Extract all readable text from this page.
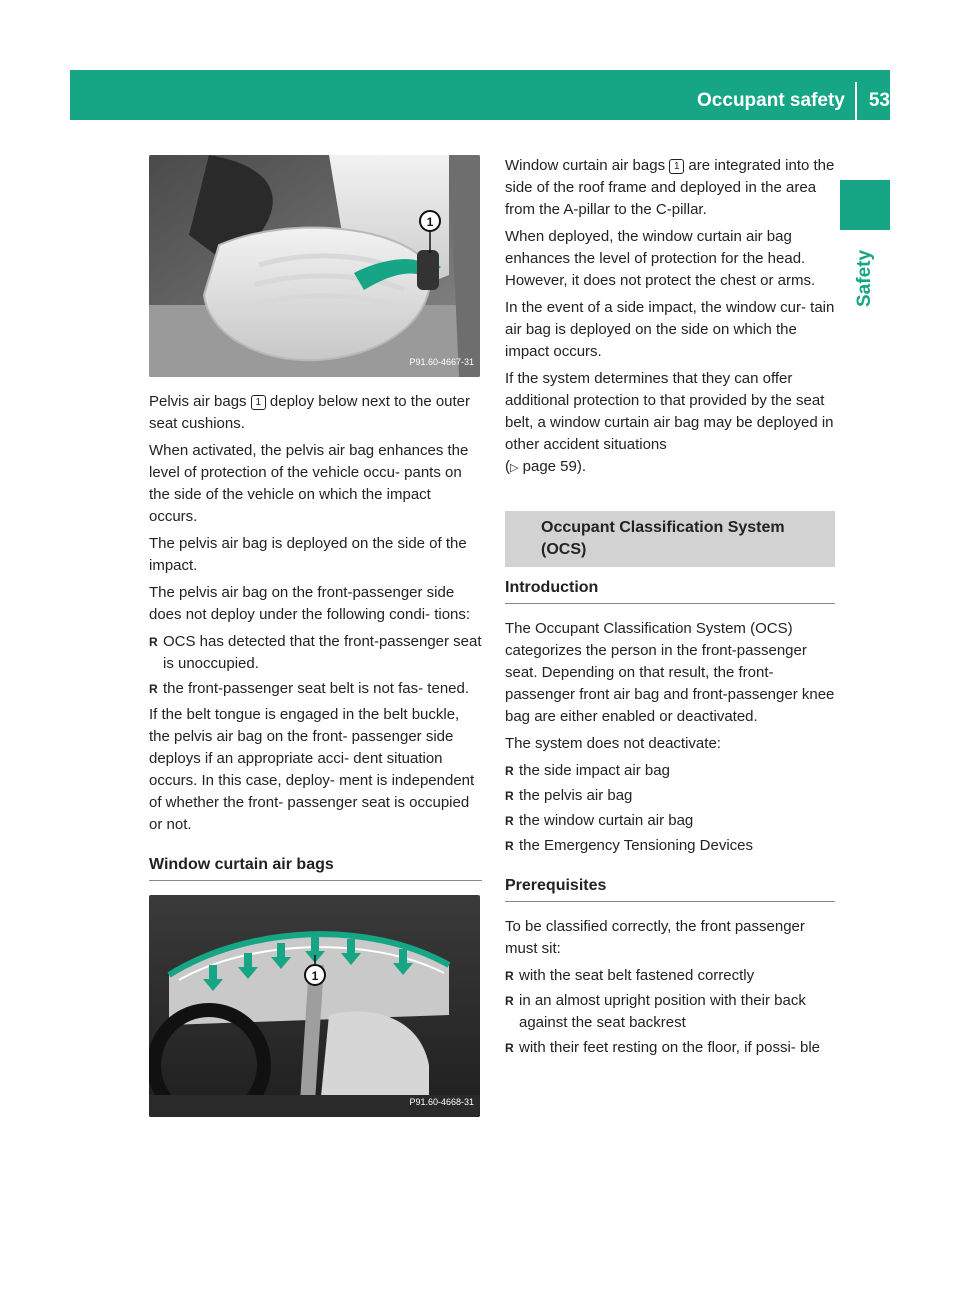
Occupant safety 53
Safety
1
P91.60-4667-31

Pelvis air bags 1 deploy below next to the outer seat cushions.

When activated, the pelvis air bag enhances the level of protection of the vehicle occu- pants on the side of the vehicle on which the impact occurs.

The pelvis air bag is deployed on the side of the impact.

The pelvis air bag on the front-passenger side does not deploy under the following condi- tions:

R OCS has detected that the front-passenger seat is unoccupied.
R the front-passenger seat belt is not fas- tened.

If the belt tongue is engaged in the belt buckle, the pelvis air bag on the front- passenger side deploys if an appropriate acci- dent situation occurs. In this case, deploy- ment is independent of whether the front- passenger seat is occupied or not.

Window curtain air bags
1
P91.60-4668-31

Window curtain air bags 1 are integrated into the side of the roof frame and deployed in the area from the A-pillar to the C-pillar.

When deployed, the window curtain air bag enhances the level of protection for the head. However, it does not protect the chest or arms.

In the event of a side impact, the window cur- tain air bag is deployed on the side on which the impact occurs.

If the system determines that they can offer additional protection to that provided by the seat belt, a window curtain air bag may be deployed in other accident situations
(▷ page 59).

Occupant Classification System (OCS)
Introduction

The Occupant Classification System (OCS) categorizes the person in the front-passenger seat. Depending on that result, the front- passenger front air bag and front-passenger knee bag are either enabled or deactivated.

The system does not deactivate:

R the side impact air bag
R the pelvis air bag
R the window curtain air bag
R the Emergency Tensioning Devices
Prerequisites

To be classified correctly, the front passenger must sit:

R with the seat belt fastened correctly
R in an almost upright position with their back against the seat backrest
R with their feet resting on the floor, if possi- ble
